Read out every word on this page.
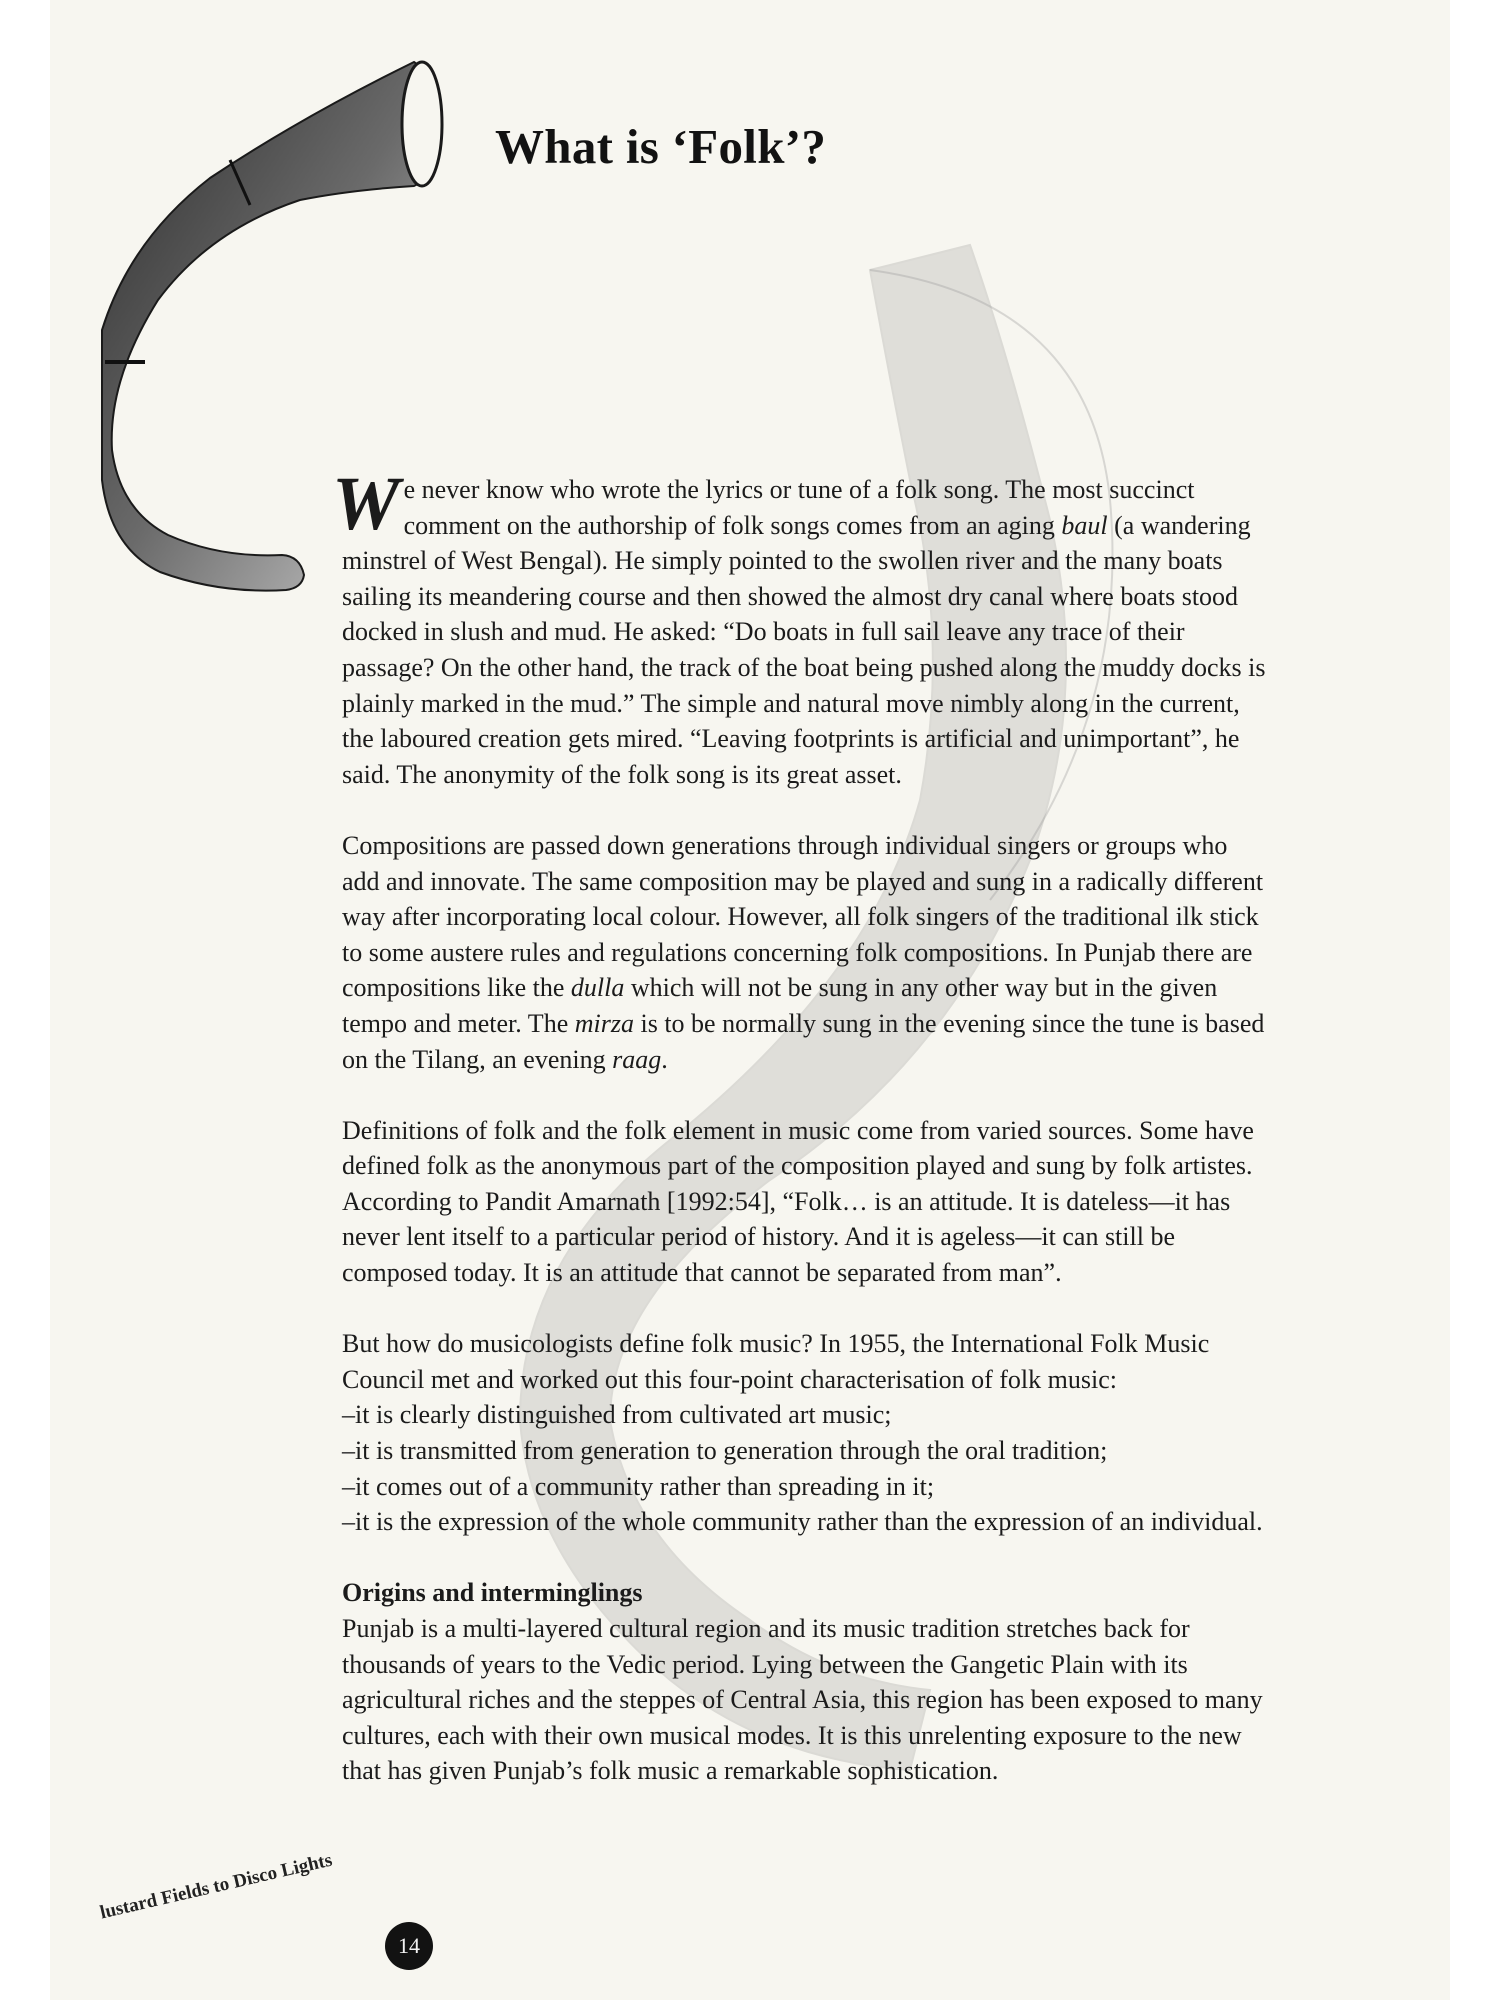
What is ‘Folk’?

W e never know who wrote the lyrics or tune of a folk song. The most succinct
comment on the authorship of folk songs comes from an aging baul (a wandering
minstrel of West Bengal). He simply pointed to the swollen river and the many boats
sailing its meandering course and then showed the almost dry canal where boats stood
docked in slush and mud. He asked: “Do boats in full sail leave any trace of their
passage? On the other hand, the track of the boat being pushed along the muddy docks is
plainly marked in the mud.” The simple and natural move nimbly along in the current,
the laboured creation gets mired. “Leaving footprints is artificial and unimportant”, he
said. The anonymity of the folk song is its great asset.

Compositions are passed down generations through individual singers or groups who
add and innovate. The same composition may be played and sung in a radically different
way after incorporating local colour. However, all folk singers of the traditional ilk stick
to some austere rules and regulations concerning folk compositions. In Punjab there are
compositions like the dulla which will not be sung in any other way but in the given
tempo and meter. The mirza is to be normally sung in the evening since the tune is based
on the Tilang, an evening raag.

Definitions of folk and the folk element in music come from varied sources. Some have
defined folk as the anonymous part of the composition played and sung by folk artistes.
According to Pandit Amarnath [1992:54], “Folk… is an attitude. It is dateless—it has
never lent itself to a particular period of history. And it is ageless—it can still be
composed today. It is an attitude that cannot be separated from man”.

But how do musicologists define folk music? In 1955, the International Folk Music
Council met and worked out this four-point characterisation of folk music:
–it is clearly distinguished from cultivated art music;
–it is transmitted from generation to generation through the oral tradition;
–it comes out of a community rather than spreading in it;
–it is the expression of the whole community rather than the expression of an individual.

Origins and interminglings
Punjab is a multi-layered cultural region and its music tradition stretches back for
thousands of years to the Vedic period. Lying between the Gangetic Plain with its
agricultural riches and the steppes of Central Asia, this region has been exposed to many
cultures, each with their own musical modes. It is this unrelenting exposure to the new
that has given Punjab’s folk music a remarkable sophistication.

lustard Fields to Disco Lights
14
